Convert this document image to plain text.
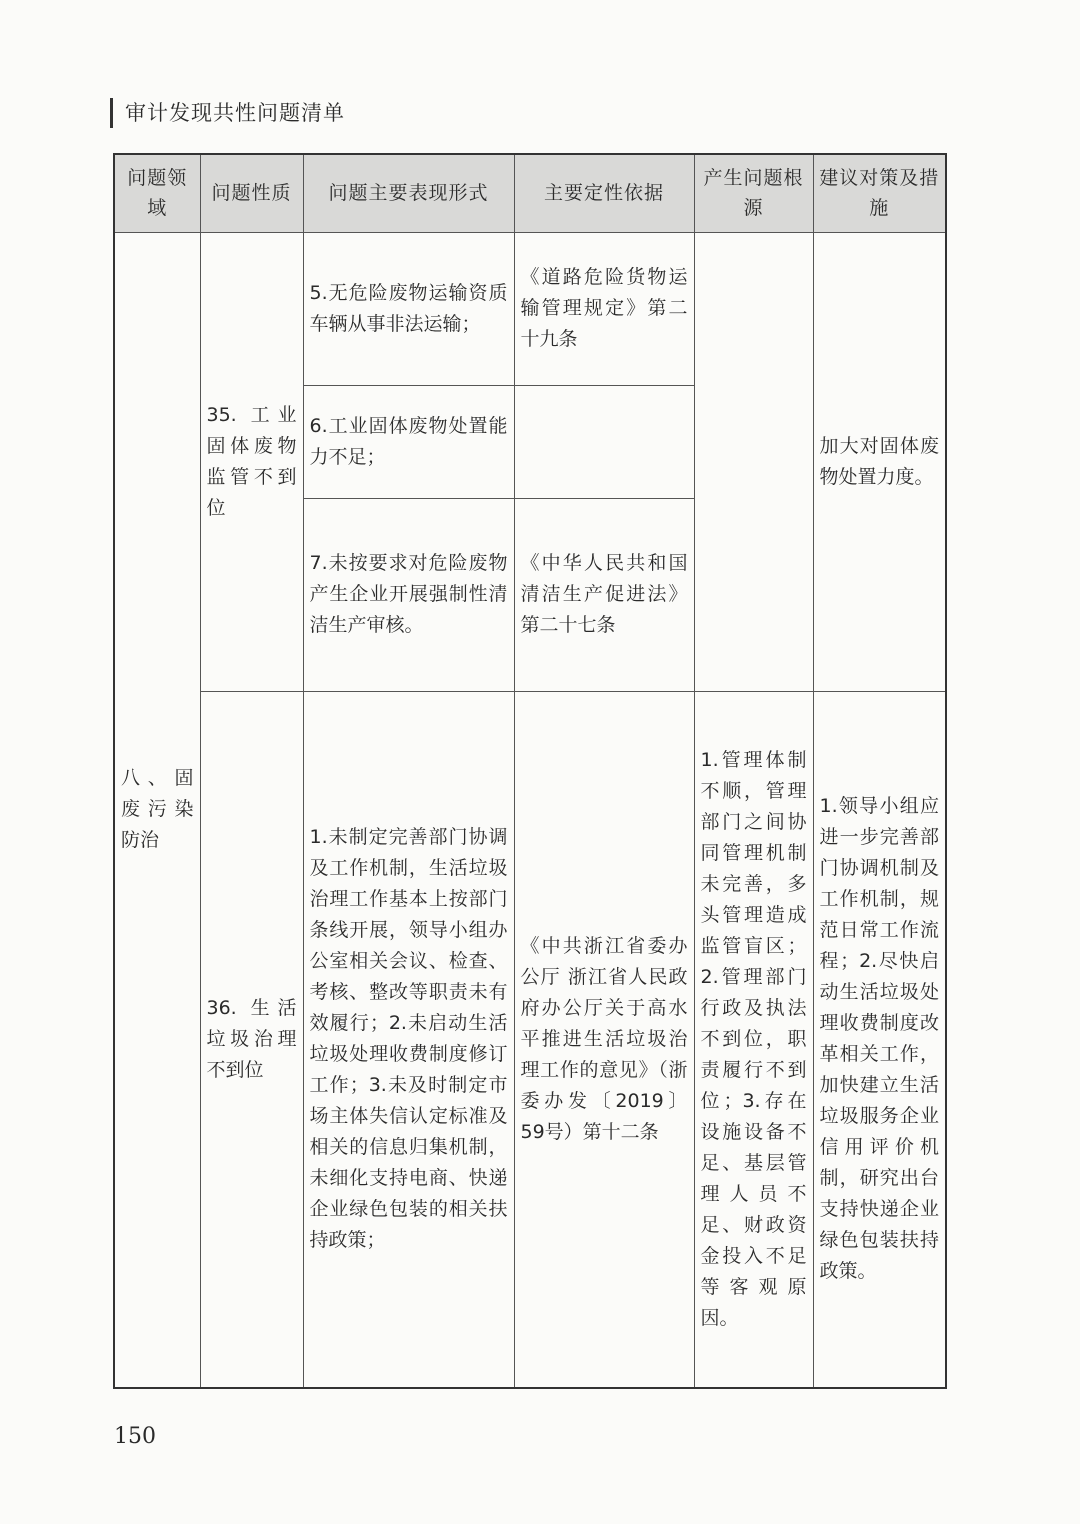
审计发现共性问题清单
问题领域	问题性质	问题主要表现形式	主要定性依据	产生问题根源	建议对策及措施
八、固废污染防治	35. 工业固体废物监管不到位	5.无危险废物运输资质车辆从事非法运输；	《道路危险货物运输管理规定》第二十九条		加大对固体废物处置力度。
		6.工业固体废物处置能力不足；			
		7.未按要求对危险废物产生企业开展强制性清洁生产审核。	《中华人民共和国清洁生产促进法》第二十七条		
	36. 生活垃圾治理不到位	1.未制定完善部门协调及工作机制，生活垃圾治理工作基本上按部门条线开展，领导小组办公室相关会议、检查、考核、整改等职责未有效履行；2.未启动生活垃圾处理收费制度修订工作；3.未及时制定市场主体失信认定标准及相关的信息归集机制，未细化支持电商、快递企业绿色包装的相关扶持政策；	《中共浙江省委办公厅 浙江省人民政府办公厅关于高水平推进生活垃圾治理工作的意见》（浙委办发〔2019〕59号）第十二条	1.管理体制不顺，管理部门之间协同管理机制未完善，多头管理造成监管盲区；2.管理部门行政及执法不到位，职责履行不到位；3.存在设施设备不足、基层管理人员不足、财政资金投入不足等客观原因。	1.领导小组应进一步完善部门协调机制及工作机制，规范日常工作流程；2.尽快启动生活垃圾处理收费制度改革相关工作，加快建立生活垃圾服务企业信用评价机制，研究出台支持快递企业绿色包装扶持政策。
150
